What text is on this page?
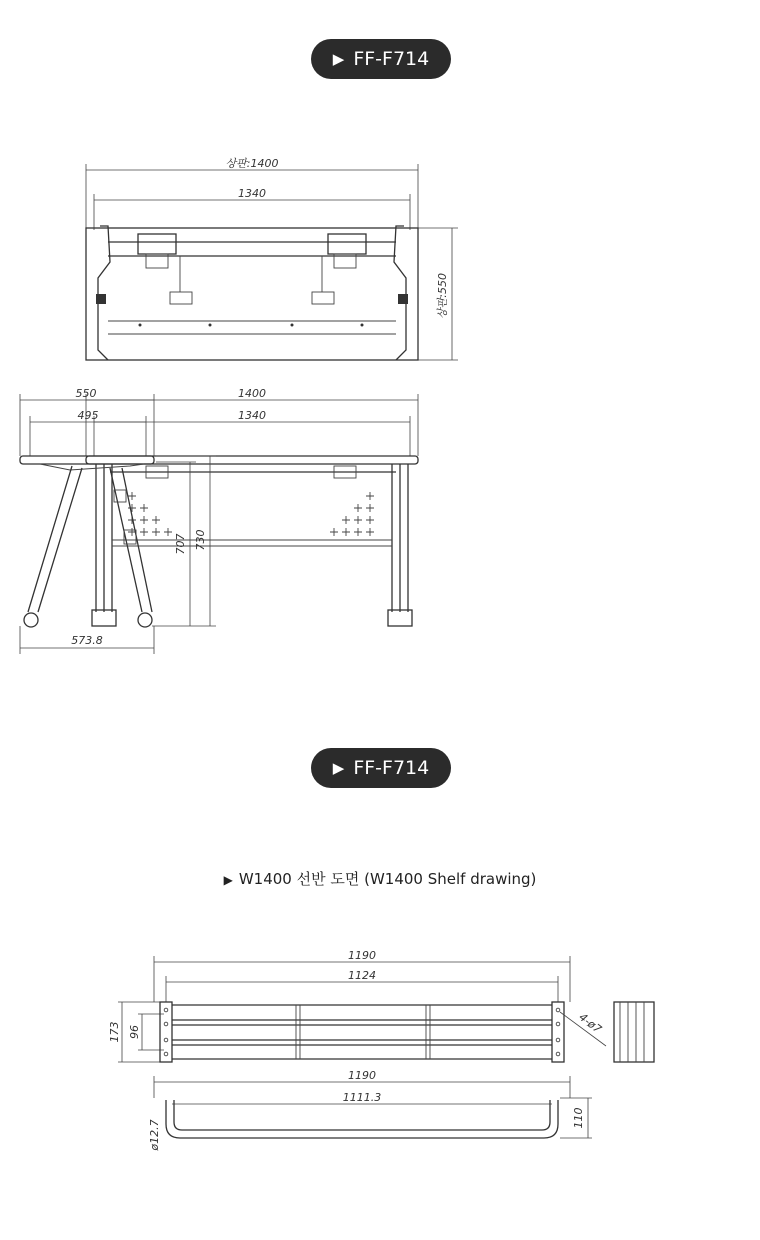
▶ FF-F714
상판:1400
1340
상판:550
1400
1340
550
495
707 730
573.8
▶ FF-F714
▶ W1400 선반 도면 (W1400 Shelf drawing)
1190
1124
173 96	4-ø7
1190
1111.3
110
ø12.7
